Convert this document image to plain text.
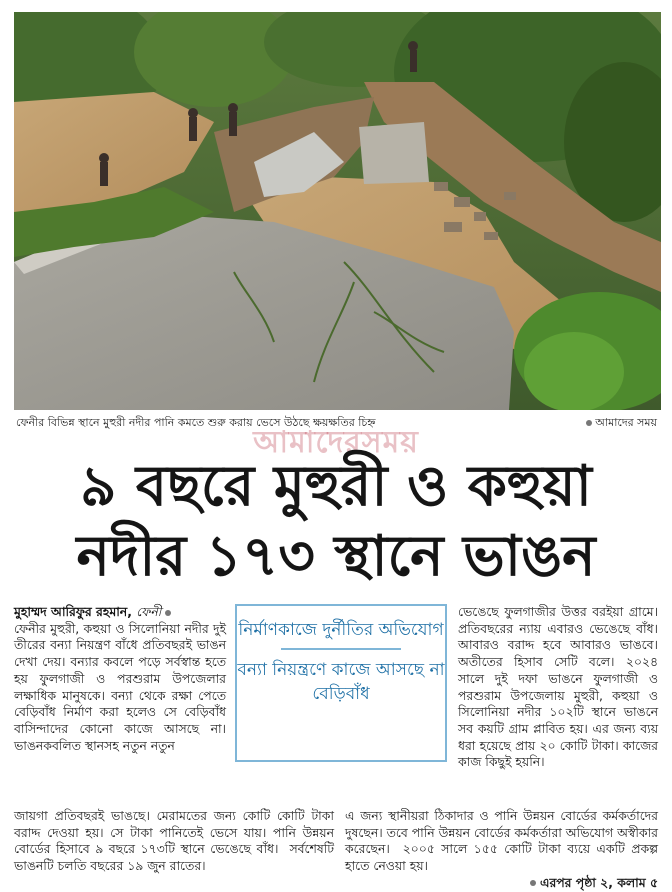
ফেনীর বিভিন্ন স্থানে মুহুরী নদীর পানি কমতে শুরু করায় ভেসে উঠছে ক্ষয়ক্ষতির চিহ্ন	আমাদের সময়
আমাদেরসময়
৯ বছরে মুহুরী ও কহুয়া
নদীর ১৭৩ স্থানে ভাঙন

মুহাম্মদ আরিফুর রহমান, ফেনী

ফেনীর মুহুরী, কহুয়া ও সিলোনিয়া নদীর দুই তীরের বন্যা নিয়ন্ত্রণ বাঁধে প্রতিবছরই ভাঙন দেখা দেয়। বন্যার কবলে পড়ে সর্বস্বান্ত হতে হয় ফুলগাজী ও পরশুরাম উপজেলার লক্ষাধিক মানুষকে। বন্যা থেকে রক্ষা পেতে বেড়িবাঁধ নির্মাণ করা হলেও সে বেড়িবাঁধ বাসিন্দাদের কোনো কাজে আসছে না। ভাঙনকবলিত স্থানসহ নতুন নতুন

জায়গা প্রতিবছরই ভাঙছে। মেরামতের জন্য কোটি কোটি টাকা বরাদ্দ দেওয়া হয়। সে টাকা পানিতেই ভেসে যায়। পানি উন্নয়ন বোর্ডের হিসাবে ৯ বছরে ১৭৩টি স্থানে ভেঙেছে বাঁধ।  সর্বশেষটি ভাঙনটি চলতি বছরের ১৯ জুন রাতের।
নির্মাণকাজে দুর্নীতির অভিযোগ
বন্যা নিয়ন্ত্রণে কাজে আসছে না বেড়িবাঁধ
ভেঙেছে ফুলগাজীর উত্তর বরইয়া গ্রামে। প্রতিবছরের ন্যায় এবারও ভেঙেছে বাঁধ। আবারও বরাদ্দ হবে আবারও ভাঙবে। অতীতের হিসাব সেটি বলে। ২০২৪ সালে দুই দফা ভাঙনে ফুলগাজী ও পরশুরাম উপজেলায় মুহুরী, কহুয়া ও সিলোনিয়া নদীর ১০২টি স্থানে ভাঙনে সব কয়টি গ্রাম প্লাবিত হয়। এর জন্য ব্যয় ধরা হয়েছে প্রায় ২০ কোটি টাকা। কাজের কাজ কিছুই হয়নি।

এ জন্য স্থানীয়রা ঠিকাদার ও পানি উন্নয়ন বোর্ডের কর্মকর্তাদের দুষছেন। তবে পানি উন্নয়ন বোর্ডের কর্মকর্তারা অভিযোগ অস্বীকার করেছেন।  ২০০৫ সালে ১৫৫ কোটি টাকা ব্যয়ে একটি প্রকল্প হাতে নেওয়া হয়।

এরপর পৃষ্ঠা ২, কলাম ৫
